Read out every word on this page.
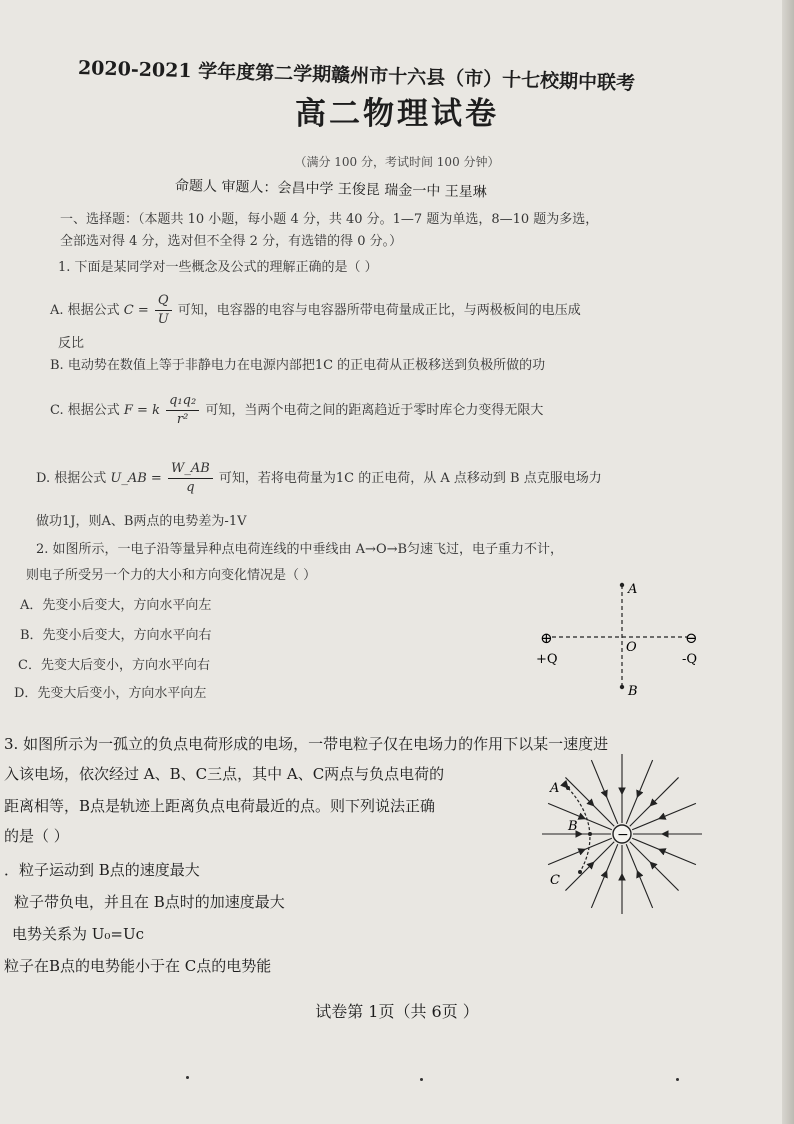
2020-2021 学年度第二学期赣州市十六县（市）十七校期中联考
高二物理试卷
（满分 100 分，考试时间 100 分钟）
命题人 审题人：会昌中学 王俊昆 瑞金一中 王星琳
一、选择题：（本题共 10 小题，每小题 4 分，共 40 分。1—7 题为单选，8—10 题为多选，
全部选对得 4 分，选对但不全得 2 分，有选错的得 0 分。）
1. 下面是某同学对一些概念及公式的理解正确的是（ ）
A. 根据公式 $C = \frac{Q}{U}$ 可知，电容器的电容与电容器所带电荷量成正比，与两极板间的电压成
反比
B. 电动势在数值上等于非静电力在电源内部把1C 的正电荷从正极移送到负极所做的功
C. 根据公式 F = k $\frac{\text{q₁q₂}}{\text{r²}}$ 可知，当两个电荷之间的距离趋近于零时库仑力变得无限大
D. 根据公式 U_AB = $\frac{W\_AB}{q}$ 可知，若将电荷量为1C 的正电荷，从 A 点移动到 B 点克服电场力
做功1J，则A、B两点的电势差为-1V
2. 如图所示，一电子沿等量异种点电荷连线的中垂线由 A→O→B匀速飞过，电子重力不计，
则电子所受另一个力的大小和方向变化情况是（ ）
A．先变小后变大，方向水平向左
B．先变小后变大，方向水平向右
C．先变大后变小，方向水平向右
D．先变大后变小，方向水平向左
A
B
O
⊕	⊖
+Q	-Q
3. 如图所示为一孤立的负点电荷形成的电场，一带电粒子仅在电场力的作用下以某一速度进
入该电场，依次经过 A、B、C三点，其中 A、C两点与负点电荷的
距离相等，B点是轨迹上距离负点电荷最近的点。则下列说法正确
的是（ ）
．粒子运动到 B点的速度最大
粒子带负电，并且在 B点时的加速度最大
电势关系为 U₀=Uc
粒子在B点的电势能小于在 C点的电势能
−
A
B
C
试卷第 1页（共 6页 ）
